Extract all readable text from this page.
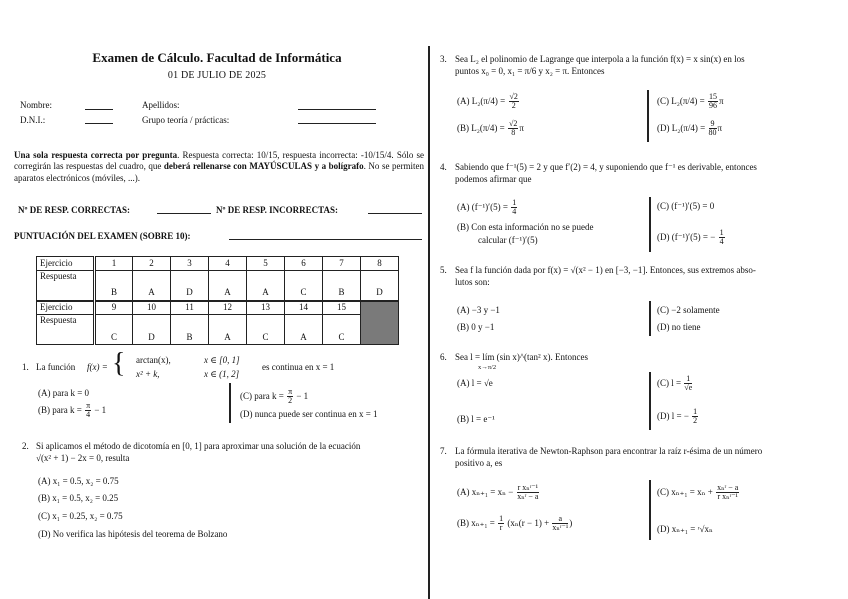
Examen de Cálculo. Facultad de Informática
01 DE JULIO DE 2025
Nombre:	Apellidos:
D.N.I.:	Grupo teoría / prácticas:
Una sola respuesta correcta por pregunta. Respuesta correcta: 10/15, respuesta incorrecta: -10/15/4. Sólo se corregirán las respuestas del cuadro, que deberá rellenarse con MAYÚSCULAS y a bolígrafo. No se permiten aparatos electrónicos (móviles, ...).
Nº DE RESP. CORRECTAS:	Nº DE RESP. INCORRECTAS:
PUNTUACIÓN DEL EXAMEN (SOBRE 10):
Ejercicio	1	2	3	4	5	6	7	8
Respuesta	B	A	D	A	A	C	B	D
Ejercicio	9	10	11	12	13	14	15	
Respuesta	C	D	B	A	C	A	C	
1. La función f(x) = { arctan(x),	x ∈ [0, 1]
x² + k,	x ∈ (1, 2]
es continua en x = 1
(A) para k = 0
(B) para $k = \frac{\pi}{4} - 1$
(C) para $k = \frac{\pi}{2} - 1$
(D) nunca puede ser continua en x = 1
2. Si aplicamos el método de dicotomía en [0, 1] para aproximar una solución de la ecuación
√(x² + 1) − 2x = 0, resulta
(A) x₁ = 0.5, x₂ = 0.75
(B) x₁ = 0.5, x₂ = 0.25
(C) x₁ = 0.25, x₂ = 0.75
(D) No verifica las hipótesis del teorema de Bolzano
3. Sea L₂ el polinomio de Lagrange que interpola a la función f(x) = x sin(x) en los
puntos x₀ = 0, x₁ = π/6 y x₂ = π. Entonces
(A) $L_2(\pi/4) = \frac{√2}{2}$
(B) $L_2(\pi/4) = \frac{√2}{8}$ π
(C) $L_2(\pi/4) = \frac{15}{96}$ π
(D) $L_2(\pi/4) = \frac{9}{80}$ π
4. Sabiendo que f⁻¹(5) = 2 y que f′(2) = 4, y suponiendo que f⁻¹ es derivable, entonces
podemos afirmar que
(A) $(f^{-1})'(5) = \frac{1}{4}$
(B) Con esta información no se puede
calcular (f⁻¹)′(5)
(C) (f⁻¹)′(5) = 0
(D) (f⁻¹)′(5) = − $\frac{1}{4}$
5. Sea f la función dada por f(x) = √(x² − 1) en [−3, −1]. Entonces, sus extremos abso-
lutos son:
(A) −3 y −1
(B) 0 y −1
(C) −2 solamente
(D) no tiene
6. Sea l = lím (sin x)^(tan² x). Entonces
x→π/2
(A) l = √e
(B) l = e⁻¹
(C) $l = \frac{1}{√e}$
(D) l = − $\frac{1}{2}$
7. La fórmula iterativa de Newton-Raphson para encontrar la raíz r-ésima de un número
positivo a, es
(A) $x_{n+1} = x_n - \frac{\text{r xₙʳ⁻¹}}{\text{xₙʳ − a}}$
(B) $x_{n+1} = \frac{1}{r} (x_n(r - 1) + \frac{a}{\text{xₙʳ⁻¹}}$ )
(C) $x_{n+1} = x_n + \frac{\text{xₙʳ − a}}{\text{r xₙʳ⁻¹}}$
(D) xₙ₊₁ = ʳ√xₙ
